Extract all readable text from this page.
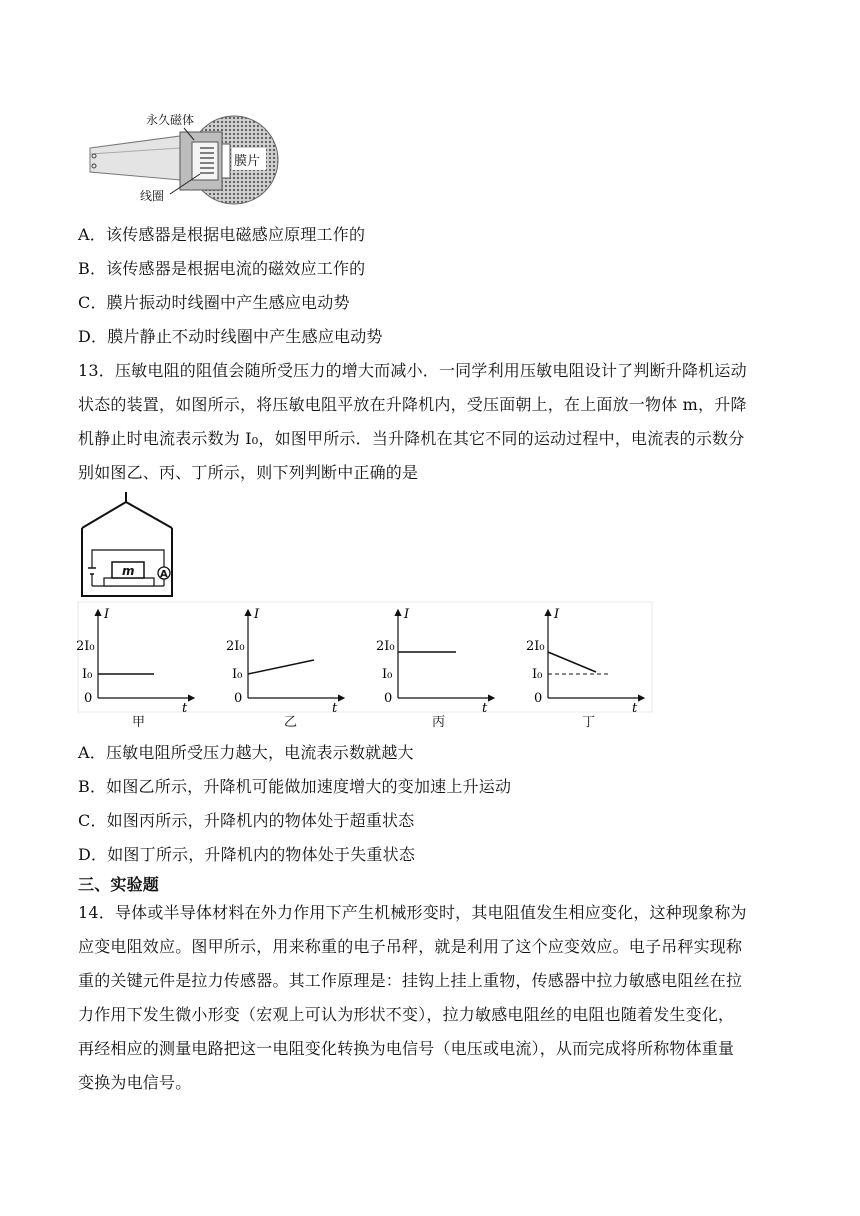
膜片
永久磁体
线圈
A．该传感器是根据电磁感应原理工作的
B．该传感器是根据电流的磁效应工作的
C．膜片振动时线圈中产生感应电动势
D．膜片静止不动时线圈中产生感应电动势
13．压敏电阻的阻值会随所受压力的增大而减小．一同学利用压敏电阻设计了判断升降机运动
状态的装置，如图所示，将压敏电阻平放在升降机内，受压面朝上，在上面放一物体 m，升降
机静止时电流表示数为 I₀，如图甲所示．当升降机在其它不同的运动过程中，电流表的示数分
别如图乙、丙、丁所示，则下列判断中正确的是
m	A
I
2I₀
I₀
0
t
甲
I
2I₀
I₀
0
t
乙
I
2I₀
I₀
0
t
丙
I
2I₀
I₀
0
t
丁
A．压敏电阻所受压力越大，电流表示数就越大
B．如图乙所示，升降机可能做加速度增大的变加速上升运动
C．如图丙所示，升降机内的物体处于超重状态
D．如图丁所示，升降机内的物体处于失重状态
三、实验题
14．导体或半导体材料在外力作用下产生机械形变时，其电阻值发生相应变化，这种现象称为
应变电阻效应。图甲所示，用来称重的电子吊秤，就是利用了这个应变效应。电子吊秤实现称
重的关键元件是拉力传感器。其工作原理是：挂钩上挂上重物，传感器中拉力敏感电阻丝在拉
力作用下发生微小形变（宏观上可认为形状不变），拉力敏感电阻丝的电阻也随着发生变化，
再经相应的测量电路把这一电阻变化转换为电信号（电压或电流），从而完成将所称物体重量
变换为电信号。
